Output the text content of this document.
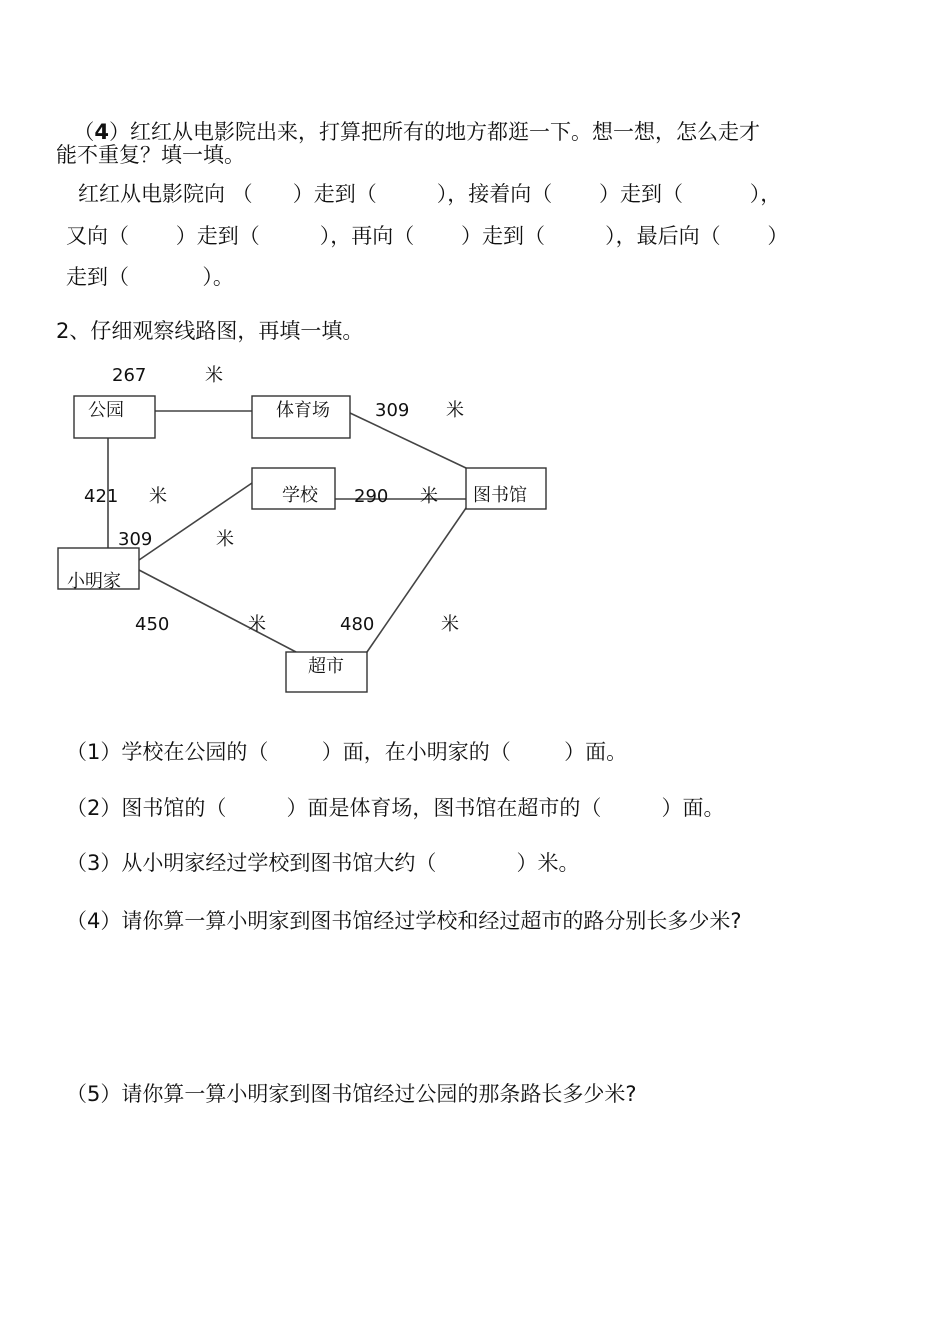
（4）红红从电影院出来，打算把所有的地方都逛一下。想一想，怎么走才

能不重复？填一填。
红红从电影院向 （      ）走到（         ），接着向（       ）走到（          ），
又向（       ）走到（         ），再向（       ）走到（         ），最后向（       ）
走到（           ）。
2、仔细观察线路图，再填一填。
公园	体育场
学校	图书馆
小明家
超市
267	米
309 米
421 米	290 米
309	米
450	米	480	米
（1）学校在公园的（        ）面，在小明家的（        ）面。
（2）图书馆的（         ）面是体育场，图书馆在超市的（         ）面。
（3）从小明家经过学校到图书馆大约（            ）米。
（4）请你算一算小明家到图书馆经过学校和经过超市的路分别长多少米?
（5）请你算一算小明家到图书馆经过公园的那条路长多少米?
